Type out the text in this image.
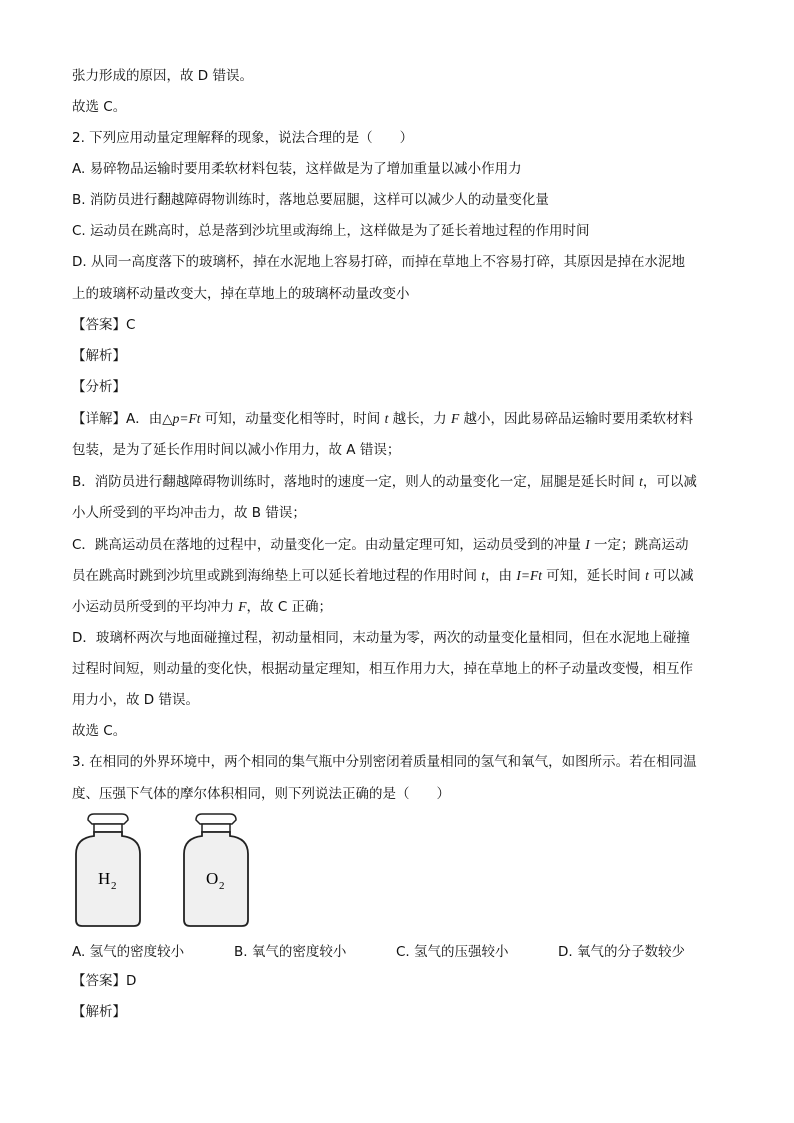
张力形成的原因，故 D 错误。
故选 C。
2. 下列应用动量定理解释的现象，说法合理的是（　　）
A. 易碎物品运输时要用柔软材料包装，这样做是为了增加重量以减小作用力
B. 消防员进行翻越障碍物训练时，落地总要屈腿，这样可以减少人的动量变化量
C. 运动员在跳高时，总是落到沙坑里或海绵上，这样做是为了延长着地过程的作用时间
D. 从同一高度落下的玻璃杯，掉在水泥地上容易打碎，而掉在草地上不容易打碎，其原因是掉在水泥地
上的玻璃杯动量改变大，掉在草地上的玻璃杯动量改变小
【答案】C
【解析】
【分析】
【详解】A．由△p=Ft 可知，动量变化相等时，时间 t 越长，力 F 越小，因此易碎品运输时要用柔软材料
包装，是为了延长作用时间以减小作用力，故 A 错误；
B．消防员进行翻越障碍物训练时，落地时的速度一定，则人的动量变化一定，屈腿是延长时间 t，可以减
小人所受到的平均冲击力，故 B 错误；
C．跳高运动员在落地的过程中，动量变化一定。由动量定理可知，运动员受到的冲量 I 一定；跳高运动
员在跳高时跳到沙坑里或跳到海绵垫上可以延长着地过程的作用时间 t，由 I=Ft 可知，延长时间 t 可以减
小运动员所受到的平均冲力 F，故 C 正确；
D．玻璃杯两次与地面碰撞过程，初动量相同，末动量为零，两次的动量变化量相同，但在水泥地上碰撞
过程时间短，则动量的变化快，根据动量定理知，相互作用力大，掉在草地上的杯子动量改变慢，相互作
用力小，故 D 错误。
故选 C。
3. 在相同的外界环境中，两个相同的集气瓶中分别密闭着质量相同的氢气和氧气，如图所示。若在相同温
度、压强下气体的摩尔体积相同，则下列说法正确的是（　　）
H 2	O 2
A. 氢气的密度较小	B. 氧气的密度较小	C. 氢气的压强较小	D. 氧气的分子数较少
【答案】D
【解析】
